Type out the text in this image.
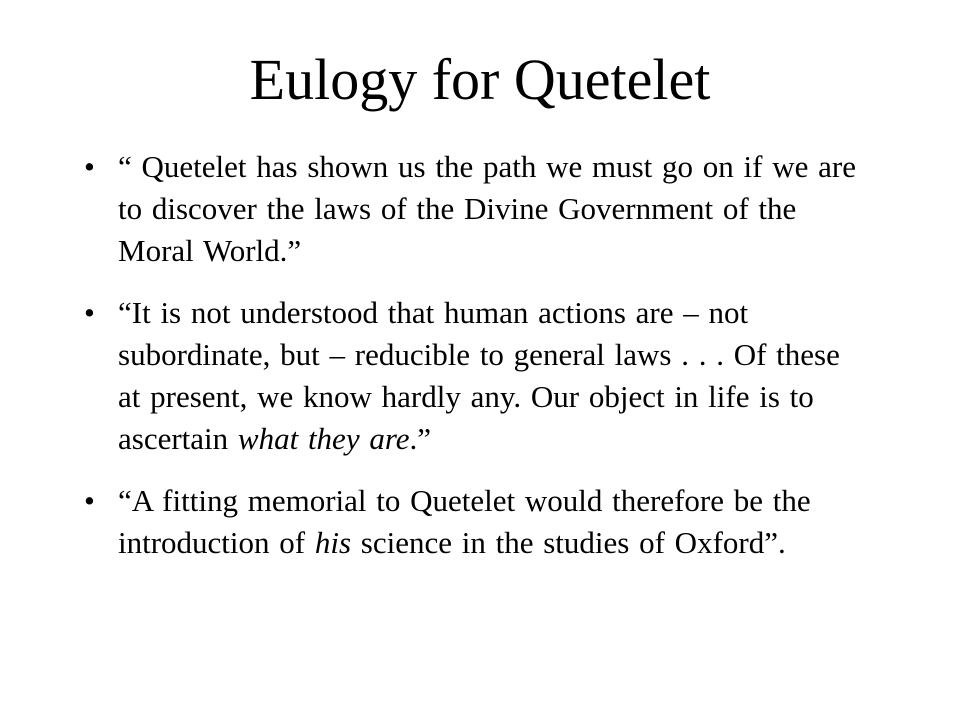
Eulogy for Quetelet
• “ Quetelet has shown us the path we must go on if we are to discover the laws of the Divine Government of the Moral World.”
• “It is not understood that human actions are – not subordinate, but – reducible to general laws . . . Of these at present, we know hardly any. Our object in life is to ascertain what they are.”
• “A fitting memorial to Quetelet would therefore be the introduction of his science in the studies of Oxford”.
